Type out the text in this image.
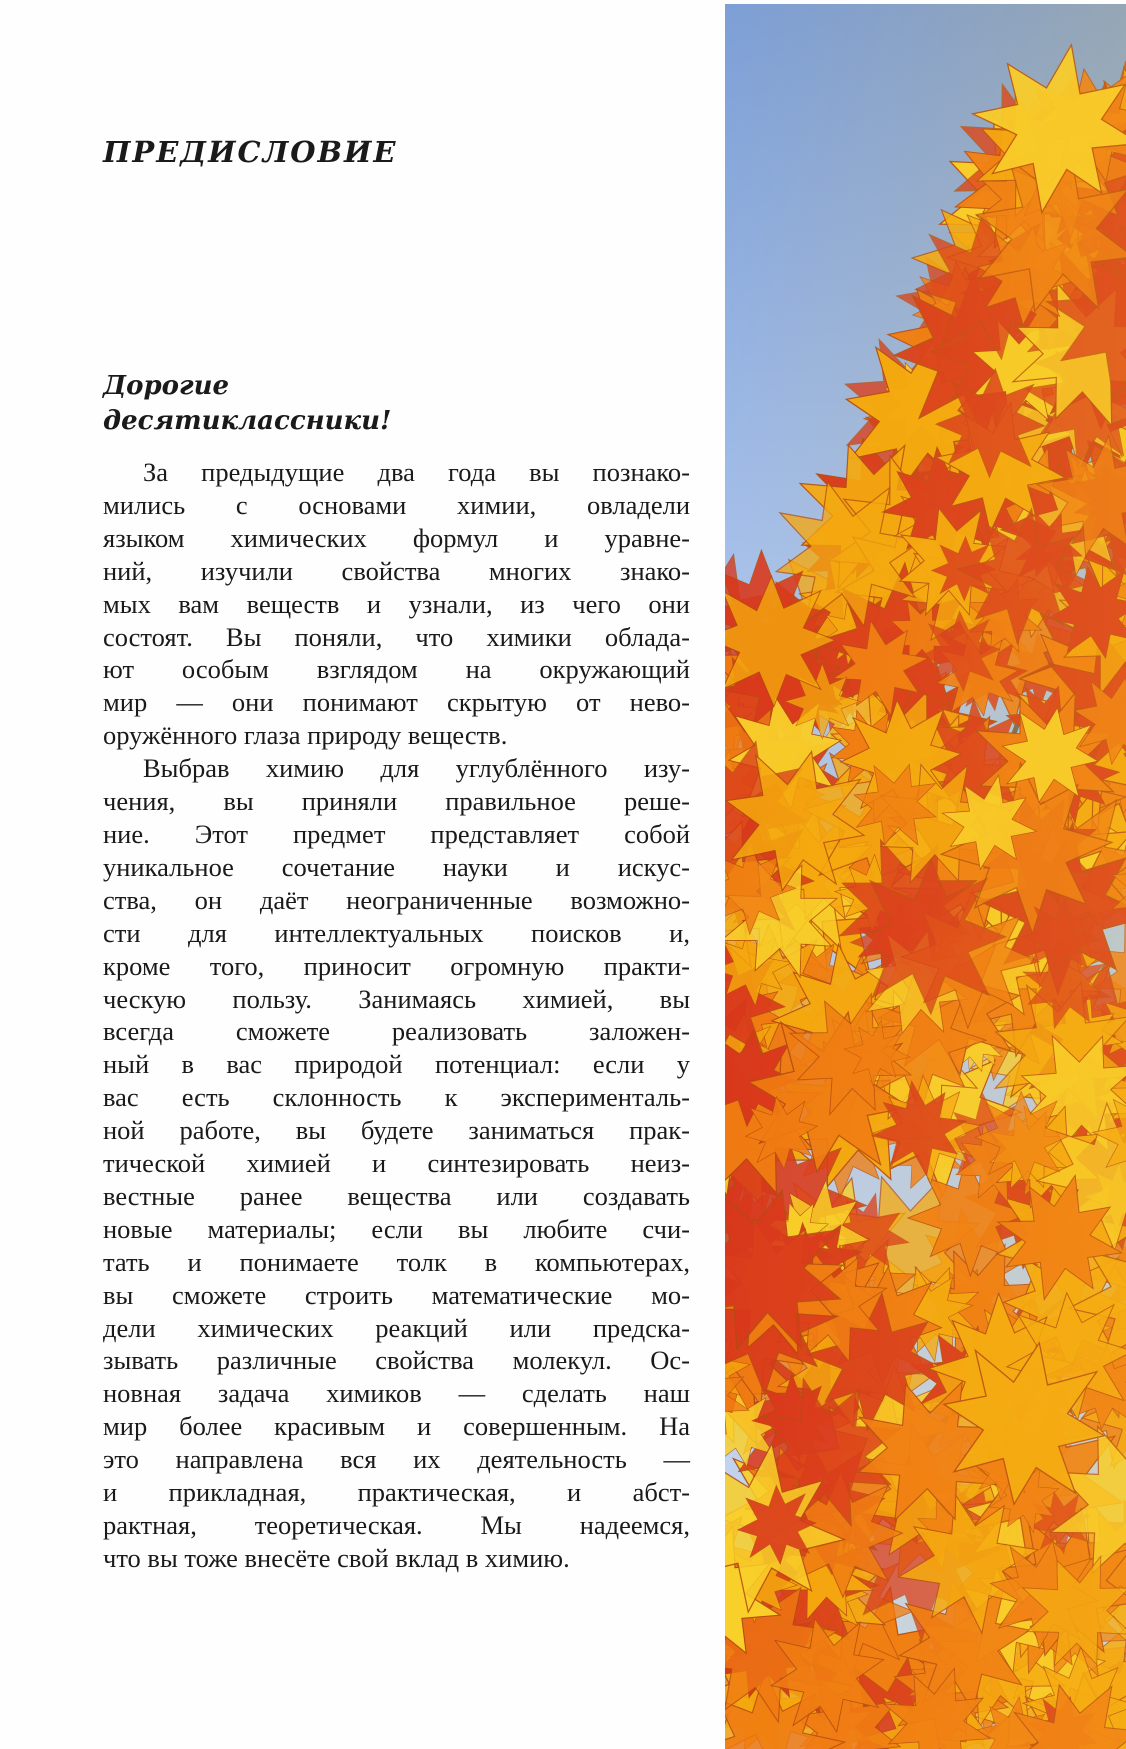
ПРЕДИСЛОВИЕ
Дорогие
десятиклассники!
За предыдущие два года вы познако-
мились с основами химии, овладели
языком химических формул и уравне-
ний, изучили свойства многих знако-
мых вам веществ и узнали, из чего они
состоят. Вы поняли, что химики облада-
ют особым взглядом на окружающий
мир — они понимают скрытую от нево-
оружённого глаза природу веществ.
Выбрав химию для углублённого изу-
чения, вы приняли правильное реше-
ние. Этот предмет представляет собой
уникальное сочетание науки и искус-
ства, он даёт неограниченные возможно-
сти для интеллектуальных поисков и,
кроме того, приносит огромную практи-
ческую пользу. Занимаясь химией, вы
всегда сможете реализовать заложен-
ный в вас природой потенциал: если у
вас есть склонность к эксперименталь-
ной работе, вы будете заниматься прак-
тической химией и синтезировать неиз-
вестные ранее вещества или создавать
новые материалы; если вы любите счи-
тать и понимаете толк в компьютерах,
вы сможете строить математические мо-
дели химических реакций или предска-
зывать различные свойства молекул. Ос-
новная задача химиков — сделать наш
мир более красивым и совершенным. На
это направлена вся их деятельность —
и прикладная, практическая, и абст-
рактная, теоретическая. Мы надеемся,
что вы тоже внесёте свой вклад в химию.
